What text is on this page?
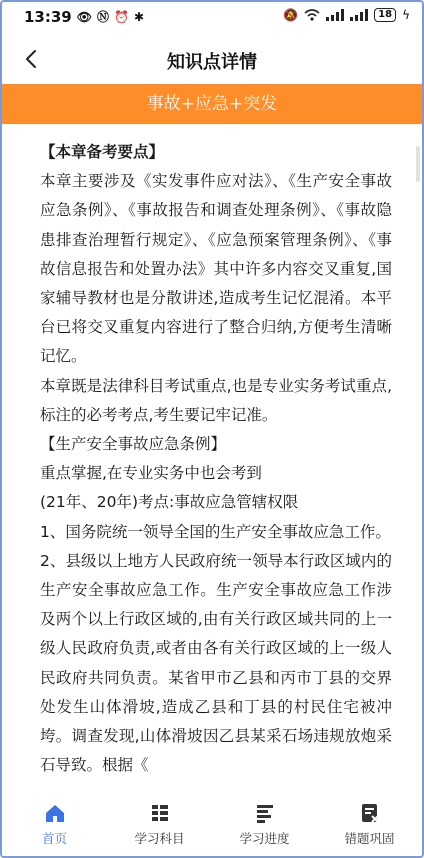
13:39 👁 Ⓝ ⏰ ✱	🔕	18 ϟ
知识点详情
事故+应急+突发

【本章备考要点】

本章主要涉及《实发事件应对法》、《生产安全事故应急条例》、《事故报告和调查处理条例》、《事故隐患排查治理暂行规定》、《应急预案管理条例》、《事故信息报告和处置办法》其中许多内容交叉重复,国家辅导教材也是分散讲述,造成考生记忆混淆。本平台已将交叉重复内容进行了整合归纳,方便考生清晰记忆。

本章既是法律科目考试重点,也是专业实务考试重点,标注的必考考点,考生要记牢记准。

【生产安全事故应急条例】

重点掌握,在专业实务中也会考到

(21年、20年)考点:事故应急管辖权限

1、国务院统一领导全国的生产安全事故应急工作。

2、县级以上地方人民政府统一领导本行政区域内的生产安全事故应急工作。生产安全事故应急工作涉及两个以上行政区域的,由有关行政区域共同的上一级人民政府负责,或者由各有关行政区域的上一级人民政府共同负责。某省甲市乙县和丙市丁县的交界处发生山体滑坡,造成乙县和丁县的村民住宅被冲垮。调查发现,山体滑坡因乙县某采石场违规放炮采石导致。根据《

首页	学习科目	学习进度	错题巩固
